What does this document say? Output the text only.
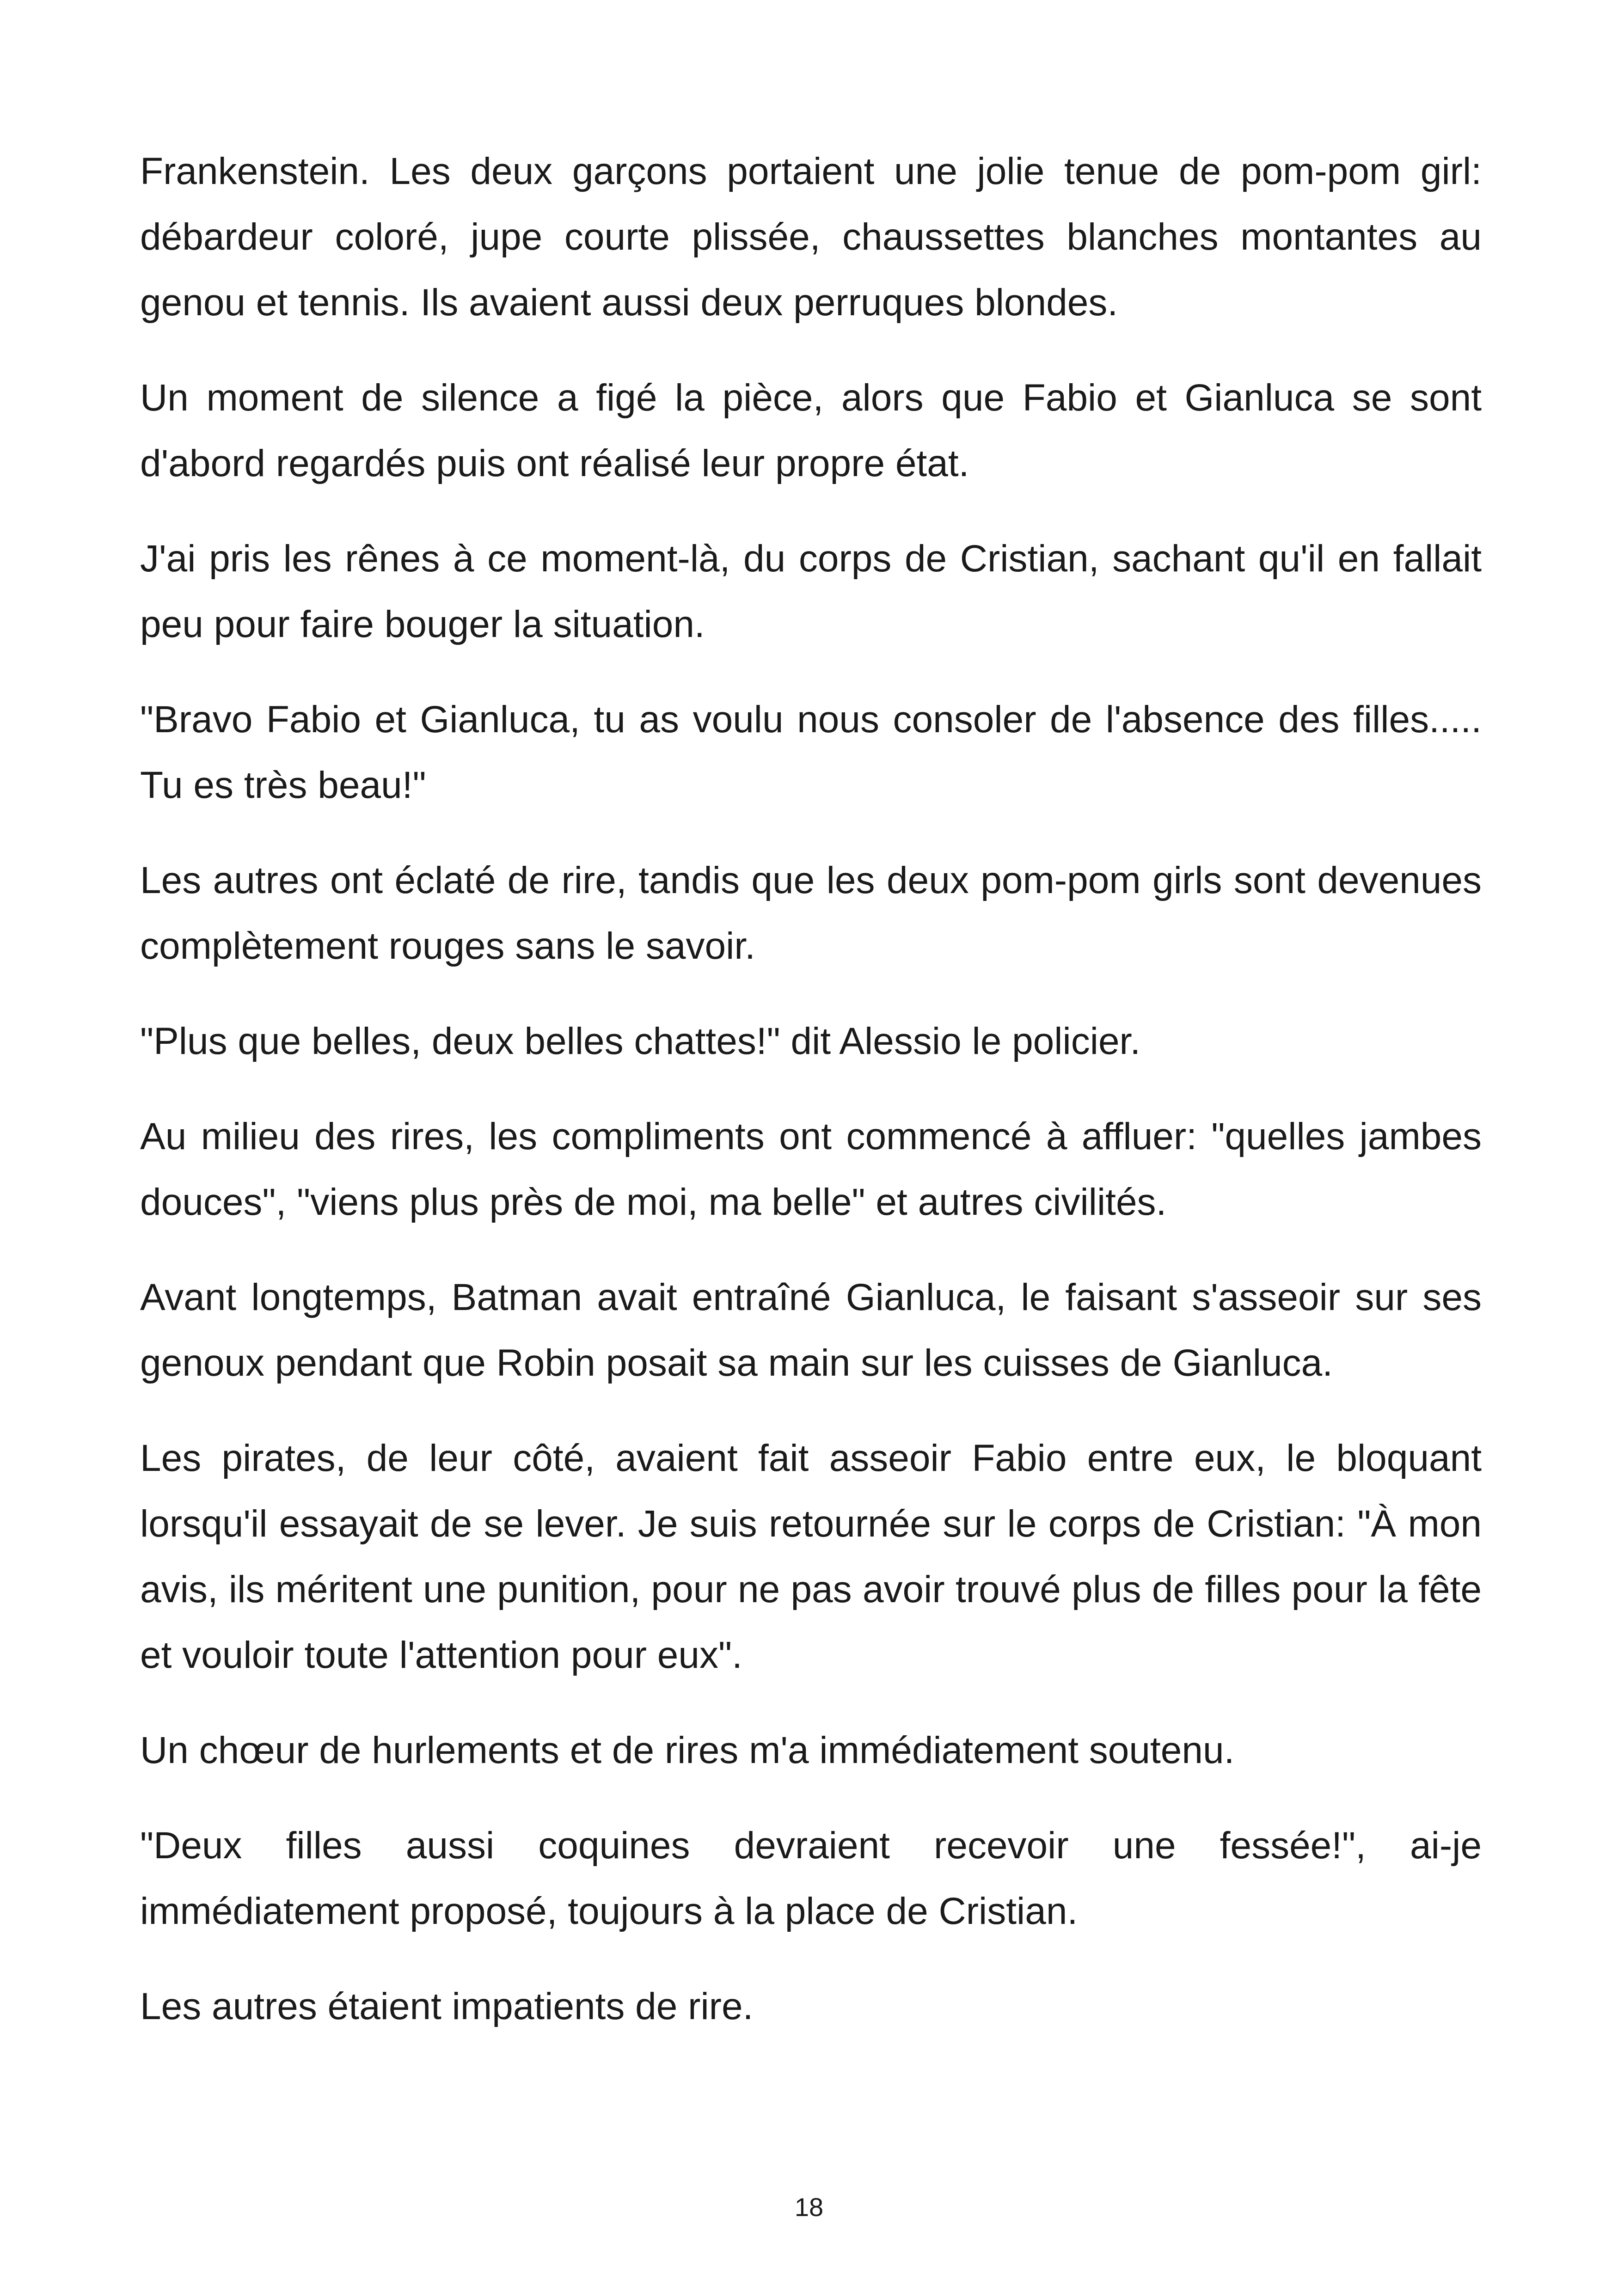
Frankenstein. Les deux garçons portaient une jolie tenue de pom-pom girl: débardeur coloré, jupe courte plissée, chaussettes blanches montantes au genou et tennis. Ils avaient aussi deux perruques blondes.

Un moment de silence a figé la pièce, alors que Fabio et Gianluca se sont d'abord regardés puis ont réalisé leur propre état.

J'ai pris les rênes à ce moment-là, du corps de Cristian, sachant qu'il en fallait peu pour faire bouger la situation.

"Bravo Fabio et Gianluca, tu as voulu nous consoler de l'absence des filles..... Tu es très beau!"

Les autres ont éclaté de rire, tandis que les deux pom-pom girls sont devenues complètement rouges sans le savoir.

"Plus que belles, deux belles chattes!" dit Alessio le policier.

Au milieu des rires, les compliments ont commencé à affluer: "quelles jambes douces", "viens plus près de moi, ma belle" et autres civilités.

Avant longtemps, Batman avait entraîné Gianluca, le faisant s'asseoir sur ses genoux pendant que Robin posait sa main sur les cuisses de Gianluca.

Les pirates, de leur côté, avaient fait asseoir Fabio entre eux, le bloquant lorsqu'il essayait de se lever. Je suis retournée sur le corps de Cristian: "À mon avis, ils méritent une punition, pour ne pas avoir trouvé plus de filles pour la fête et vouloir toute l'attention pour eux".

Un chœur de hurlements et de rires m'a immédiatement soutenu.

"Deux filles aussi coquines devraient recevoir une fessée!", ai-je immédiatement proposé, toujours à la place de Cristian.

Les autres étaient impatients de rire.

18
